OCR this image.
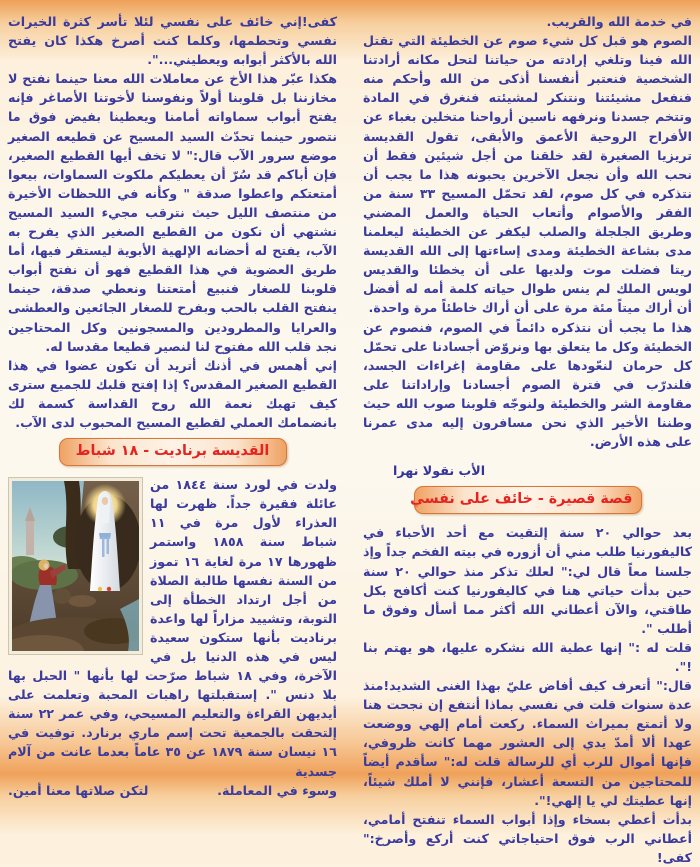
في خدمة الله والقريب.

الصوم هو قبل كل شيء صوم عن الخطيئة التي تقتل الله فينا وتلغي إرادته من حياتنا لتحل مكانه أرادتنا الشخصية فنعتبر أنفسنا أذكى من الله وأحكم منه فنفعل مشيئتنا ونتنكر لمشيئته فنغرق في المادة وتتخم جسدنا ونرفهه ناسين أرواحنا متخلين بغباء عن الأفراح الروحية الأعمق والأبقى، تقول القديسة تريزيا الصغيرة لقد خلقنا من أجل شيئين فقط أن نحب الله وأن نجعل الآخرين يحبونه هذا ما يجب أن نتذكره في كل صوم، لقد تحمّل المسيح ٣٣ سنة من الفقر والأصوام وأتعاب الحياة والعمل المضني وطريق الجلجلة والصلب ليكفر عن الخطيئة ليعلمنا مدى بشاعة الخطيئة ومدى إساءتها إلى الله القديسة ريتا فضلت موت ولديها على أن يخطئا والقديس لويس الملك لم ينس طوال حياته كلمة أمه له أفضل أن أراك ميتاً مئة مرة على أن أراك خاطئاً مرة واحدة.

هذا ما يجب أن نتذكره دائماً في الصوم، فنصوم عن الخطيئة وكل ما يتعلق بها ونروّض أجسادنا على تحمّل كل حرمان لنعّودها على مقاومة إغراءات الجسد، فلندرّب في فترة الصوم أجسادنا وإراداتنا على مقاومة الشر والخطيئة ولنوجّه قلوبنا صوب الله حيث وطننا الأخير الذي نحن مسافرون إليه مدى عمرنا على هذه الأرض.

الأب نقولا نهرا
قصة قصيرة - خائف على نفسي

بعد حوالي ٢٠ سنة إلتقيت مع أحد الأحباء في كاليفورنيا طلب مني أن أزوره في بيته الفخم جداً وإذ جلسنا معاً قال لي:" لعلك تذكر منذ حوالي ٢٠ سنة حين بدأت حياتي هنا في كاليفورنيا كنت أكافح بكل طاقتي، والآن أعطاني الله أكثر مما أسأل وفوق ما أطلب ".

قلت له :" إنها عطية الله نشكره عليها، هو يهتم بنا !".

قال:" أتعرف كيف أفاض عليّ بهذا الغنى الشديد!منذ عدة سنوات قلت في نفسي بماذا أنتفع إن نجحت هنا ولا أتمتع بميراث السماء. ركعت أمام إلهي ووضعت عهدا ألا أمدّ يدي إلى العشور مهما كانت ظروفي، فإنها أموال للرب أي للرسالة قلت له:" سأقدم أيضاً للمحتاجين من التسعة أعشار، فإنني لا أملك شيئاً، إنها عطيتك لي يا إلهي!".

بدأت أعطي بسخاء وإذا أبواب السماء تنفتح أمامي، أعطاني الرب فوق احتياجاتي كنت أركع وأصرخ:" كفى!

كفى!إني خائف على نفسي لئلا تأسر كثرة الخيرات نفسي وتحطمها، وكلما كنت أصرخ هكذا كان يفتح الله بالأكثر أبوابه ويعطيني...".

هكذا عبّر هذا الأخ عن معاملات الله معنا حينما نفتح لا مخازننا بل قلوبنا أولاً ونفوسنا لأخوتنا الأصاغر فإنه يفتح أبواب سماواته أمامنا ويعطينا بفيض فوق ما نتصور حينما تحدّث السيد المسيح عن قطيعه الصغير موضع سرور الآب قال:" لا تخف أيها القطيع الصغير، فإن أباكم قد سُرّ أن يعطيكم ملكوت السماوات، بيعوا أمتعتكم واعطوا صدقة " وكأنه في اللحظات الأخيرة من منتصف الليل حيث نترقب مجيء السيد المسيح نشتهي أن نكون من القطيع الصغير الذي يفرح به الآب، يفتح له أحضانه الإلهية الأبوية ليستقر فيها، أما طريق العضوية في هذا القطيع فهو أن نفتح أبواب قلوبنا للصغار فنبيع أمتعتنا ونعطي صدقة، حينما ينفتح القلب بالحب وبفرح للصغار الجائعين والعطشى والعرايا والمطرودين والمسجونين وكل المحتاجين نجد قلب الله مفتوح لنا لنصير قطيعا مقدسا له.

إني أهمس في أذنك أتريد أن تكون عضوا في هذا القطيع الصغير المقدس؟ إذا إفتح قلبك للجميع سترى كيف تهبك نعمة الله روح القداسة كسمة لك بانضمامك العملي لقطيع المسيح المحبوب لدى الآب.

القديسة برناديت - ١٨ شباط

ولدت في لورد سنة ١٨٤٤ من عائلة فقيرة جداً. ظهرت لها العذراء لأول مرة في ١١ شباط سنة ١٨٥٨ واستمر ظهورها ١٧ مرة لغاية ١٦ تموز من السنة نفسها طالبة الصلاة من أجل ارتداد الخطأة إلى التوبة، وتشييد مزاراً لها واعدة برناديت بأنها ستكون سعيدة ليس في هذه الدنيا بل في الآخرة، وفي ١٨ شباط صرّحت لها بأنها " الحبل بها بلا دنس ". إستقبلتها راهبات المحبة وتعلمت على أيديهن القراءة والتعليم المسيحي، وفي عمر ٢٢ سنة إلتحقت بالجمعية تحت إسم ماري برنارد. توفيت في ١٦ نيسان سنة ١٨٧٩ عن ٣٥ عاماً بعدما عانت من آلام جسدية

وسوء في المعاملة.
لتكن صلاتها معنا أمين.
